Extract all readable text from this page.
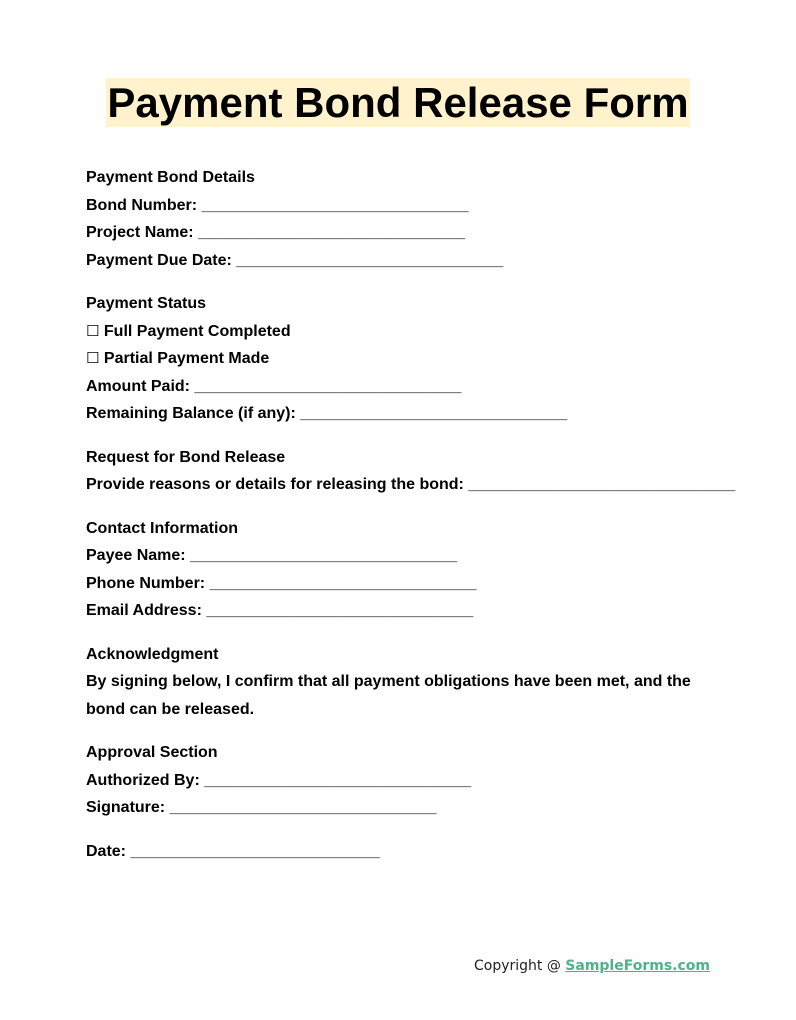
Payment Bond Release Form

Payment Bond Details

Bond Number: ______________________________

Project Name: ______________________________

Payment Due Date: ______________________________

Payment Status

☐ Full Payment Completed

☐ Partial Payment Made

Amount Paid: ______________________________

Remaining Balance (if any): ______________________________

Request for Bond Release

Provide reasons or details for releasing the bond: ______________________________

Contact Information

Payee Name: ______________________________

Phone Number: ______________________________

Email Address: ______________________________

Acknowledgment

By signing below, I confirm that all payment obligations have been met, and the bond can be released.

Approval Section

Authorized By: ______________________________

Signature: ______________________________

Date: ____________________________

Copyright @ SampleForms.com
